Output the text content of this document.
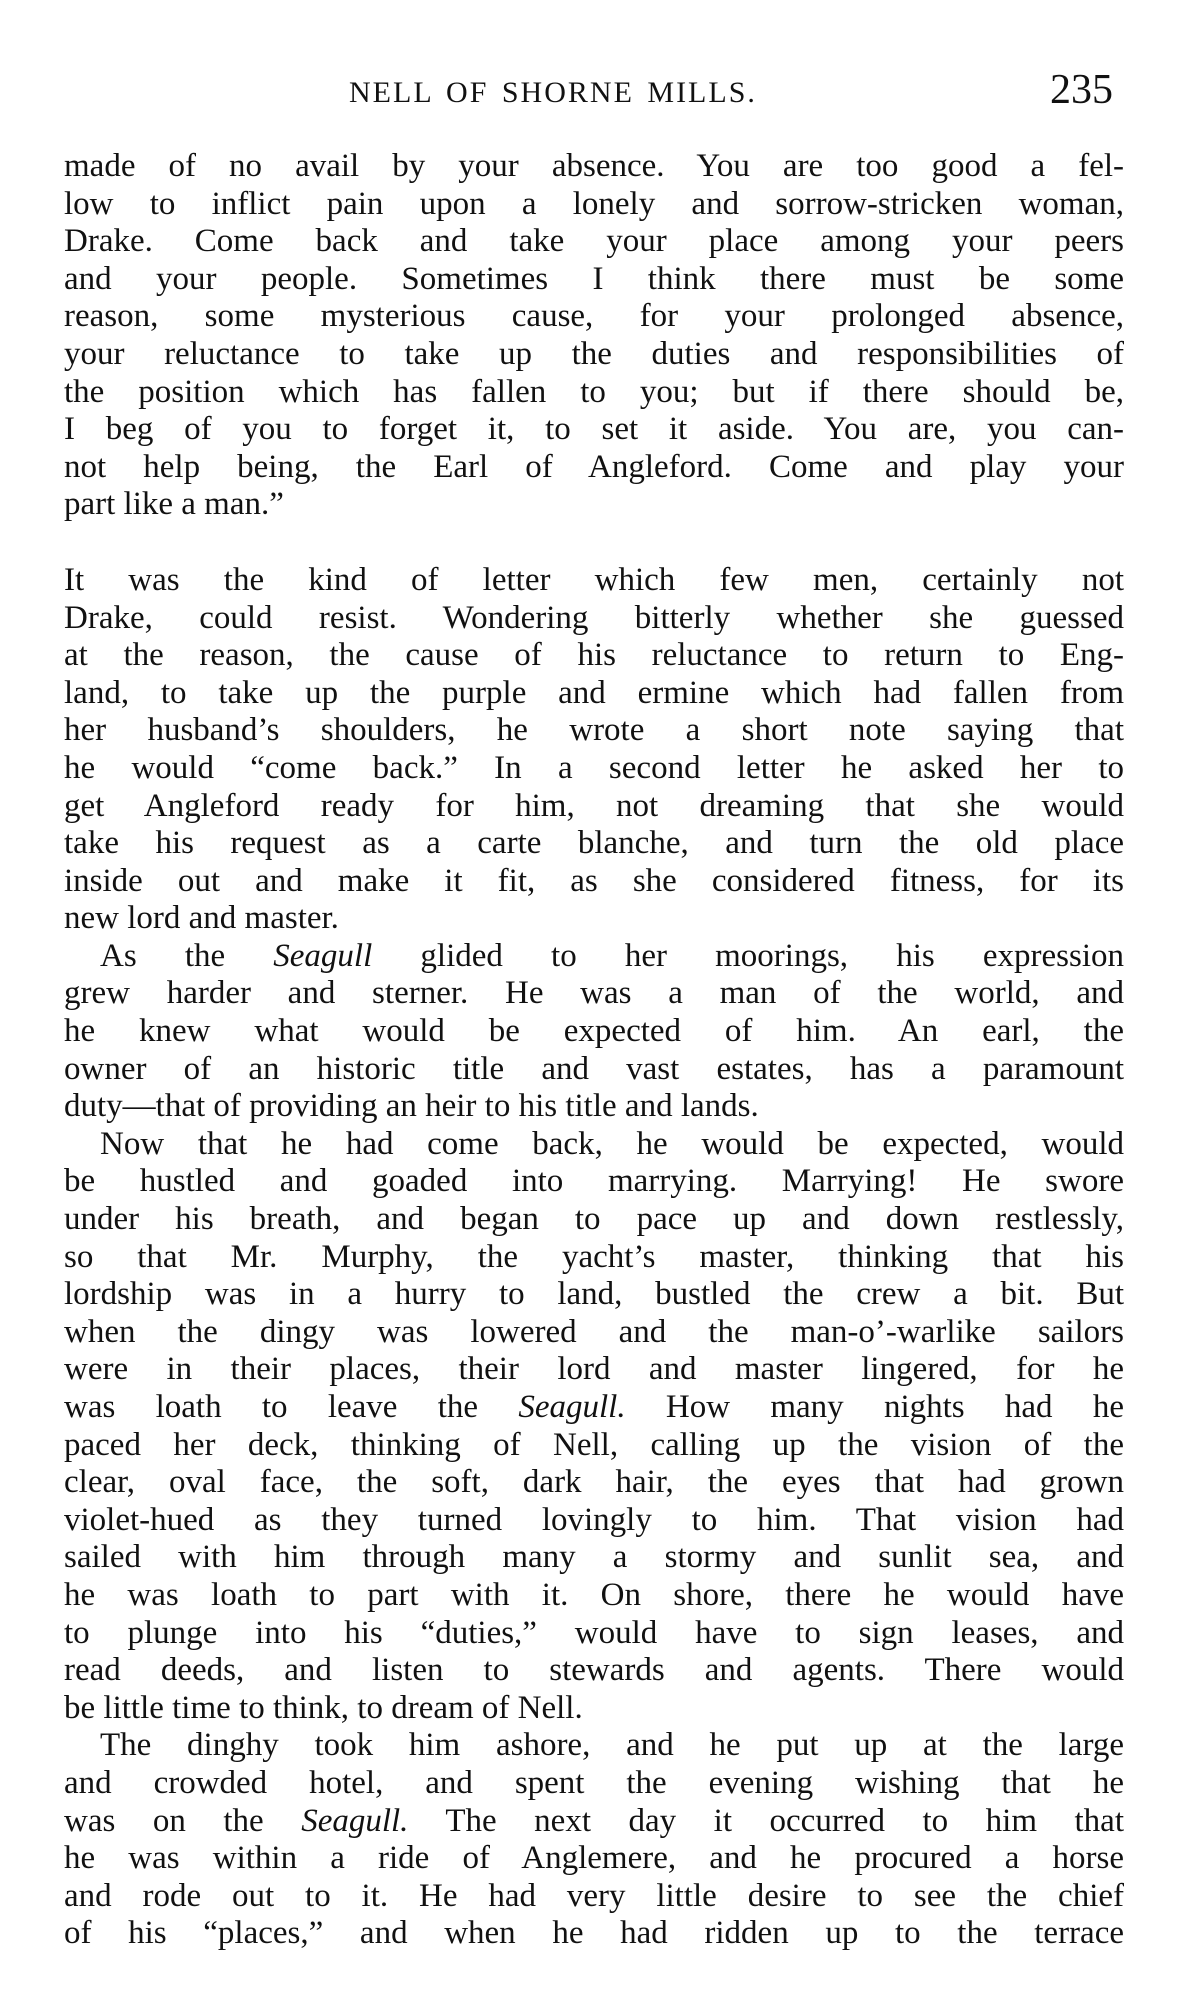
NELL OF SHORNE MILLS.	235
made of no avail by your absence. You are too good a fel-
low to inflict pain upon a lonely and sorrow-stricken woman,
Drake. Come back and take your place among your peers
and your people. Sometimes I think there must be some
reason, some mysterious cause, for your prolonged absence,
your reluctance to take up the duties and responsibilities of
the position which has fallen to you; but if there should be,
I beg of you to forget it, to set it aside. You are, you can-
not help being, the Earl of Angleford. Come and play your
part like a man.”
It was the kind of letter which few men, certainly not
Drake, could resist. Wondering bitterly whether she guessed
at the reason, the cause of his reluctance to return to Eng-
land, to take up the purple and ermine which had fallen from
her husband’s shoulders, he wrote a short note saying that
he would “come back.” In a second letter he asked her to
get Angleford ready for him, not dreaming that she would
take his request as a carte blanche, and turn the old place
inside out and make it fit, as she considered fitness, for its
new lord and master.
As the Seagull glided to her moorings, his expression
grew harder and sterner. He was a man of the world, and
he knew what would be expected of him. An earl, the
owner of an historic title and vast estates, has a paramount
duty—that of providing an heir to his title and lands.
Now that he had come back, he would be expected, would
be hustled and goaded into marrying. Marrying! He swore
under his breath, and began to pace up and down restlessly,
so that Mr. Murphy, the yacht’s master, thinking that his
lordship was in a hurry to land, bustled the crew a bit. But
when the dingy was lowered and the man-o’-warlike sailors
were in their places, their lord and master lingered, for he
was loath to leave the Seagull. How many nights had he
paced her deck, thinking of Nell, calling up the vision of the
clear, oval face, the soft, dark hair, the eyes that had grown
violet-hued as they turned lovingly to him. That vision had
sailed with him through many a stormy and sunlit sea, and
he was loath to part with it. On shore, there he would have
to plunge into his “duties,” would have to sign leases, and
read deeds, and listen to stewards and agents. There would
be little time to think, to dream of Nell.
The dinghy took him ashore, and he put up at the large
and crowded hotel, and spent the evening wishing that he
was on the Seagull. The next day it occurred to him that
he was within a ride of Anglemere, and he procured a horse
and rode out to it. He had very little desire to see the chief
of his “places,” and when he had ridden up to the terrace
